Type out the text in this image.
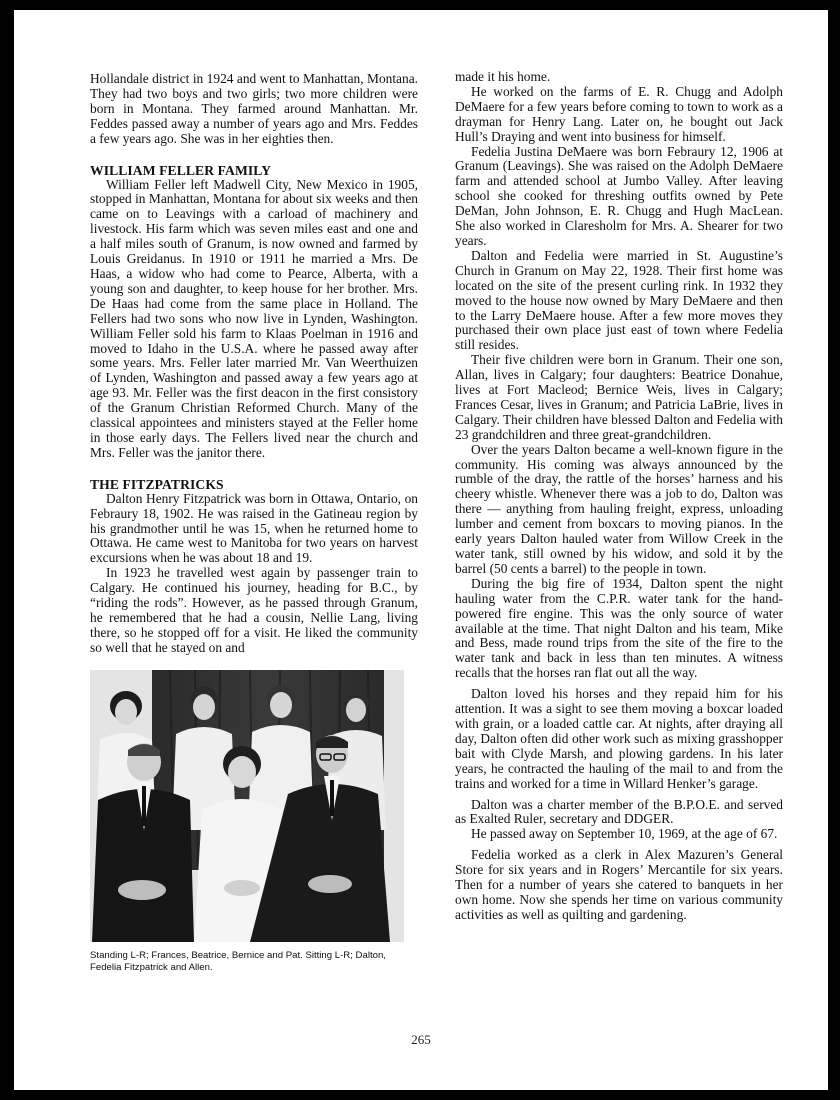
Hollandale district in 1924 and went to Manhattan, Montana. They had two boys and two girls; two more children were born in Montana. They farmed around Manhattan. Mr. Feddes passed away a number of years ago and Mrs. Feddes a few years ago. She was in her eighties then.

WILLIAM FELLER FAMILY

William Feller left Madwell City, New Mexico in 1905, stopped in Manhattan, Montana for about six weeks and then came on to Leavings with a carload of machinery and livestock. His farm which was seven miles east and one and a half miles south of Granum, is now owned and farmed by Louis Greidanus. In 1910 or 1911 he married a Mrs. De Haas, a widow who had come to Pearce, Alberta, with a young son and daughter, to keep house for her brother. Mrs. De Haas had come from the same place in Holland. The Fellers had two sons who now live in Lynden, Washington. William Feller sold his farm to Klaas Poelman in 1916 and moved to Idaho in the U.S.A. where he passed away after some years. Mrs. Feller later married Mr. Van Weerthuizen of Lynden, Washington and passed away a few years ago at age 93. Mr. Feller was the first deacon in the first consistory of the Granum Christian Reformed Church. Many of the classical appointees and ministers stayed at the Feller home in those early days. The Fellers lived near the church and Mrs. Feller was the janitor there.

THE FITZPATRICKS

Dalton Henry Fitzpatrick was born in Ottawa, Ontario, on Febraury 18, 1902. He was raised in the Gatineau region by his grandmother until he was 15, when he returned home to Ottawa. He came west to Manitoba for two years on harvest excursions when he was about 18 and 19.

In 1923 he travelled west again by passenger train to Calgary. He continued his journey, heading for B.C., by “riding the rods”. However, as he passed through Granum, he remembered that he had a cousin, Nellie Lang, living there, so he stopped off for a visit. He liked the community so well that he stayed on and

Standing L-R; Frances, Beatrice, Bernice and Pat. Sitting L-R; Dalton, Fedelia Fitzpatrick and Allen.

made it his home.

He worked on the farms of E. R. Chugg and Adolph DeMaere for a few years before coming to town to work as a drayman for Henry Lang. Later on, he bought out Jack Hull’s Draying and went into business for himself.

Fedelia Justina DeMaere was born Febraury 12, 1906 at Granum (Leavings). She was raised on the Adolph DeMaere farm and attended school at Jumbo Valley. After leaving school she cooked for threshing outfits owned by Pete DeMan, John Johnson, E. R. Chugg and Hugh MacLean. She also worked in Claresholm for Mrs. A. Shearer for two years.

Dalton and Fedelia were married in St. Augustine’s Church in Granum on May 22, 1928. Their first home was located on the site of the present curling rink. In 1932 they moved to the house now owned by Mary DeMaere and then to the Larry DeMaere house. After a few more moves they purchased their own place just east of town where Fedelia still resides.

Their five children were born in Granum. Their one son, Allan, lives in Calgary; four daughters: Beatrice Donahue, lives at Fort Macleod; Bernice Weis, lives in Calgary; Frances Cesar, lives in Granum; and Patricia LaBrie, lives in Calgary. Their children have blessed Dalton and Fedelia with 23 grandchildren and three great-grandchildren.

Over the years Dalton became a well-known figure in the community. His coming was always announced by the rumble of the dray, the rattle of the horses’ harness and his cheery whistle. Whenever there was a job to do, Dalton was there — anything from hauling freight, express, unloading lumber and cement from boxcars to moving pianos. In the early years Dalton hauled water from Willow Creek in the water tank, still owned by his widow, and sold it by the barrel (50 cents a barrel) to the people in town.

During the big fire of 1934, Dalton spent the night hauling water from the C.P.R. water tank for the hand-powered fire engine. This was the only source of water available at the time. That night Dalton and his team, Mike and Bess, made round trips from the site of the fire to the water tank and back in less than ten minutes. A witness recalls that the horses ran flat out all the way.

Dalton loved his horses and they repaid him for his attention. It was a sight to see them moving a boxcar loaded with grain, or a loaded cattle car. At nights, after draying all day, Dalton often did other work such as mixing grasshopper bait with Clyde Marsh, and plowing gardens. In his later years, he contracted the hauling of the mail to and from the trains and worked for a time in Willard Henker’s garage.

Dalton was a charter member of the B.P.O.E. and served as Exalted Ruler, secretary and DDGER.

He passed away on September 10, 1969, at the age of 67.

Fedelia worked as a clerk in Alex Mazuren’s General Store for six years and in Rogers’ Mercantile for six years. Then for a number of years she catered to banquets in her own home. Now she spends her time on various community activities as well as quilting and gardening.

265
